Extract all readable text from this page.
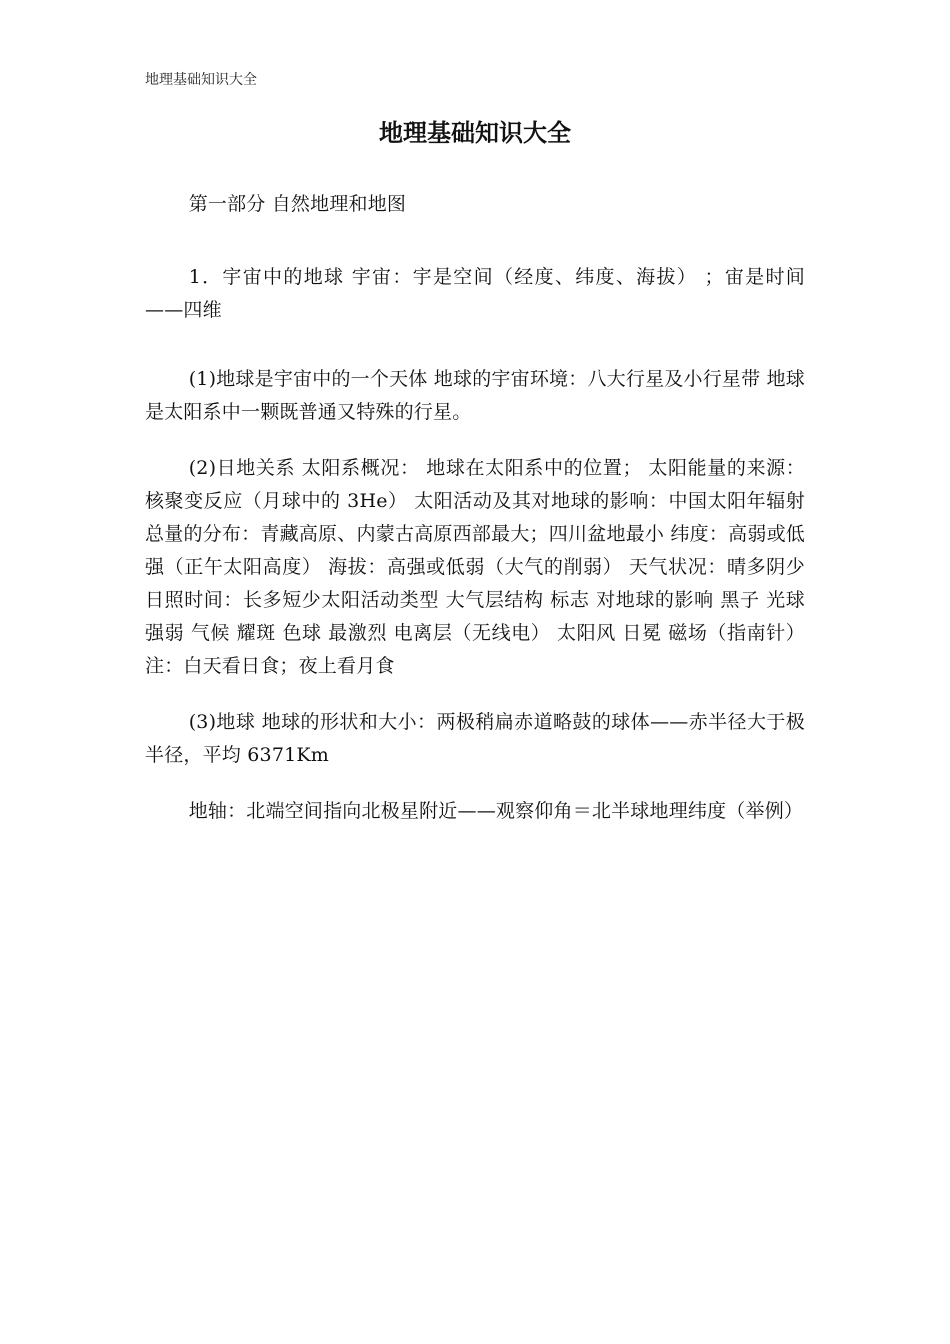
地理基础知识大全
地理基础知识大全

第一部分 自然地理和地图

1．宇宙中的地球 宇宙：宇是空间（经度、纬度、海拔） ；宙是时间——四维

(1)地球是宇宙中的一个天体 地球的宇宙环境：八大行星及小行星带 地球是太阳系中一颗既普通又特殊的行星。

(2)日地关系 太阳系概况： 地球在太阳系中的位置； 太阳能量的来源：核聚变反应（月球中的 3He） 太阳活动及其对地球的影响：中国太阳年辐射总量的分布：青藏高原、内蒙古高原西部最大；四川盆地最小 纬度：高弱或低强（正午太阳高度） 海拔：高强或低弱（大气的削弱） 天气状况：晴多阴少 日照时间：长多短少太阳活动类型 大气层结构 标志 对地球的影响 黑子 光球 强弱 气候 耀斑 色球 最激烈 电离层（无线电） 太阳风 日冕 磁场（指南针） 注：白天看日食；夜上看月食

(3)地球 地球的形状和大小：两极稍扁赤道略鼓的球体——赤半径大于极半径，平均 6371Km

地轴：北端空间指向北极星附近——观察仰角＝北半球地理纬度（举例）
